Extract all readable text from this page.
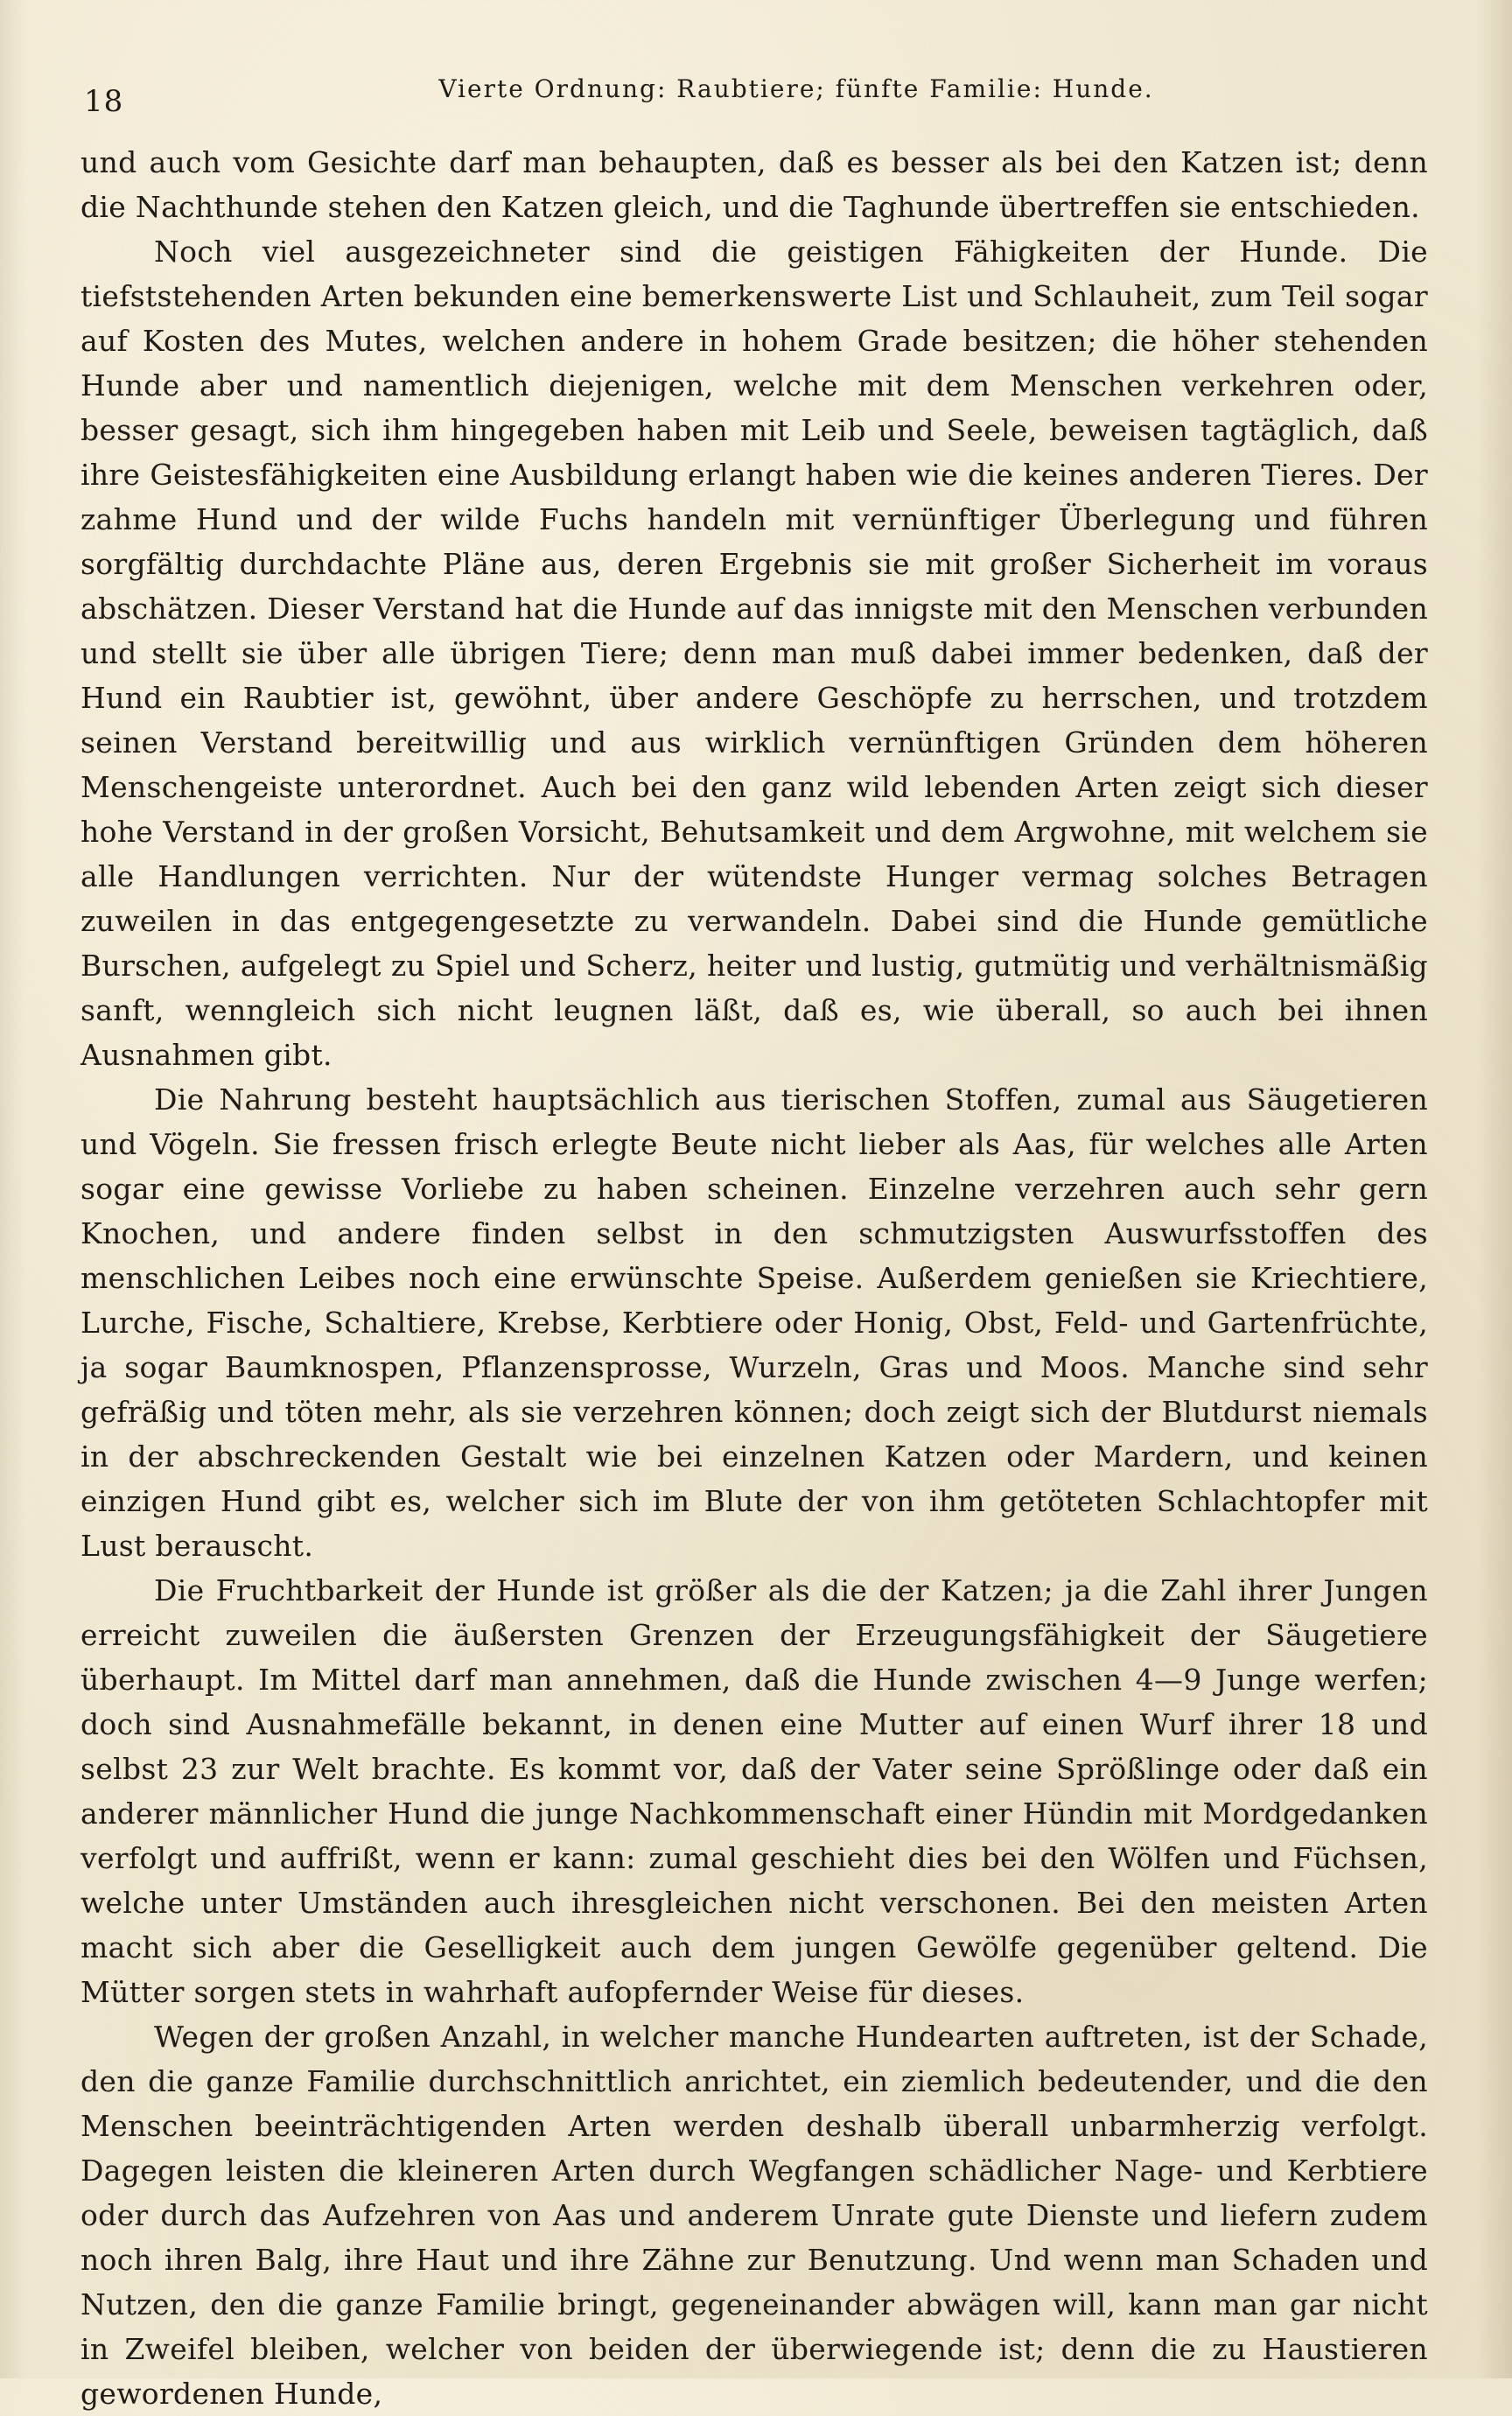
18	Vierte Ordnung: Raubtiere; fünfte Familie: Hunde.

und auch vom Gesichte darf man behaupten, daß es besser als bei den Katzen ist; denn die Nachthunde stehen den Katzen gleich, und die Taghunde übertreffen sie entschieden.

Noch viel ausgezeichneter sind die geistigen Fähigkeiten der Hunde. Die tiefststehenden Arten bekunden eine bemerkenswerte List und Schlauheit, zum Teil sogar auf Kosten des Mutes, welchen andere in hohem Grade besitzen; die höher stehenden Hunde aber und namentlich diejenigen, welche mit dem Menschen verkehren oder, besser gesagt, sich ihm hingegeben haben mit Leib und Seele, beweisen tagtäglich, daß ihre Geistesfähigkeiten eine Ausbildung erlangt haben wie die keines anderen Tieres. Der zahme Hund und der wilde Fuchs handeln mit vernünftiger Überlegung und führen sorgfältig durchdachte Pläne aus, deren Ergebnis sie mit großer Sicherheit im voraus abschätzen. Dieser Verstand hat die Hunde auf das innigste mit den Menschen verbunden und stellt sie über alle übrigen Tiere; denn man muß dabei immer bedenken, daß der Hund ein Raubtier ist, gewöhnt, über andere Geschöpfe zu herrschen, und trotzdem seinen Verstand bereitwillig und aus wirklich vernünftigen Gründen dem höheren Menschengeiste unterordnet. Auch bei den ganz wild lebenden Arten zeigt sich dieser hohe Verstand in der großen Vorsicht, Behutsamkeit und dem Argwohne, mit welchem sie alle Handlungen verrichten. Nur der wütendste Hunger vermag solches Betragen zuweilen in das entgegengesetzte zu verwandeln. Dabei sind die Hunde gemütliche Burschen, aufgelegt zu Spiel und Scherz, heiter und lustig, gutmütig und verhältnismäßig sanft, wenngleich sich nicht leugnen läßt, daß es, wie überall, so auch bei ihnen Ausnahmen gibt.

Die Nahrung besteht hauptsächlich aus tierischen Stoffen, zumal aus Säugetieren und Vögeln. Sie fressen frisch erlegte Beute nicht lieber als Aas, für welches alle Arten sogar eine gewisse Vorliebe zu haben scheinen. Einzelne verzehren auch sehr gern Knochen, und andere finden selbst in den schmutzigsten Auswurfsstoffen des menschlichen Leibes noch eine erwünschte Speise. Außerdem genießen sie Kriechtiere, Lurche, Fische, Schaltiere, Krebse, Kerbtiere oder Honig, Obst, Feld- und Gartenfrüchte, ja sogar Baumknospen, Pflanzensprosse, Wurzeln, Gras und Moos. Manche sind sehr gefräßig und töten mehr, als sie verzehren können; doch zeigt sich der Blutdurst niemals in der abschreckenden Gestalt wie bei einzelnen Katzen oder Mardern, und keinen einzigen Hund gibt es, welcher sich im Blute der von ihm getöteten Schlachtopfer mit Lust berauscht.

Die Fruchtbarkeit der Hunde ist größer als die der Katzen; ja die Zahl ihrer Jungen erreicht zuweilen die äußersten Grenzen der Erzeugungsfähigkeit der Säugetiere überhaupt. Im Mittel darf man annehmen, daß die Hunde zwischen 4—9 Junge werfen; doch sind Ausnahmefälle bekannt, in denen eine Mutter auf einen Wurf ihrer 18 und selbst 23 zur Welt brachte. Es kommt vor, daß der Vater seine Sprößlinge oder daß ein anderer männlicher Hund die junge Nachkommenschaft einer Hündin mit Mordgedanken verfolgt und auffrißt, wenn er kann: zumal geschieht dies bei den Wölfen und Füchsen, welche unter Umständen auch ihresgleichen nicht verschonen. Bei den meisten Arten macht sich aber die Geselligkeit auch dem jungen Gewölfe gegenüber geltend. Die Mütter sorgen stets in wahrhaft aufopfernder Weise für dieses.

Wegen der großen Anzahl, in welcher manche Hundearten auftreten, ist der Schade, den die ganze Familie durchschnittlich anrichtet, ein ziemlich bedeutender, und die den Menschen beeinträchtigenden Arten werden deshalb überall unbarmherzig verfolgt. Dagegen leisten die kleineren Arten durch Wegfangen schädlicher Nage- und Kerbtiere oder durch das Aufzehren von Aas und anderem Unrate gute Dienste und liefern zudem noch ihren Balg, ihre Haut und ihre Zähne zur Benutzung. Und wenn man Schaden und Nutzen, den die ganze Familie bringt, gegeneinander abwägen will, kann man gar nicht in Zweifel bleiben, welcher von beiden der überwiegende ist; denn die zu Haustieren gewordenen Hunde,
